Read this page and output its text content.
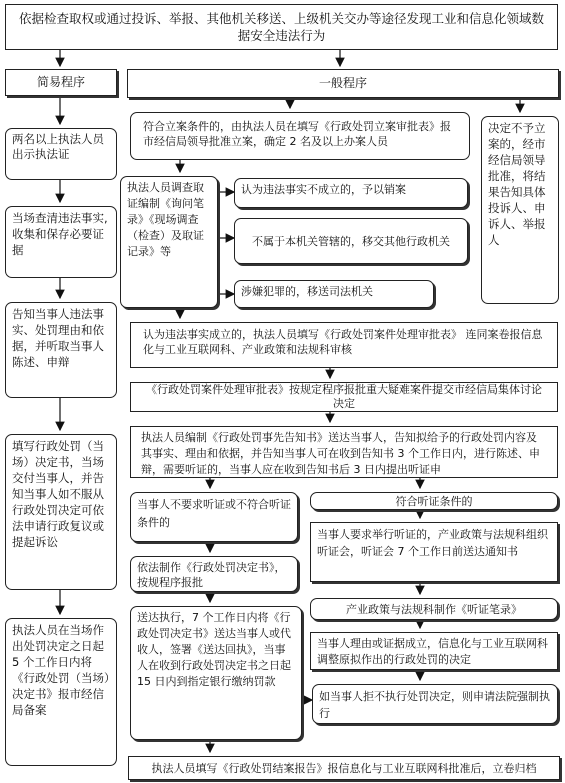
依据检查取权或通过投诉、举报、其他机关移送、上级机关交办等途径发现工业和信息化领域数据安全违法行为
简易程序	一般程序
两名以上执法人员出示执法证
当场查清违法事实,收集和保存必要证据
告知当事人违法事实、处罚理由和依据，并听取当事人陈述、申辩
填写行政处罚（当场）决定书，当场交付当事人，并告知当事人如不服从行政处罚决定可依法申请行政复议或提起诉讼
执法人员在当场作出处罚决定之日起 5 个工作日内将《行政处罚（当场）决定书》报市经信局备案
符合立案条件的，由执法人员在填写《行政处罚立案审批表》报市经信局领导批准立案，确定 2 名及以上办案人员
决定不予立案的，经市经信局领导批准，将结果告知具体投诉人、申诉人、举报人
执法人员调查取证编制《询问笔录》《现场调查（检查）及取证记录》等
认为违法事实不成立的，予以销案
不属于本机关管辖的，移交其他行政机关
涉嫌犯罪的，移送司法机关
认为违法事实成立的，执法人员填写《行政处罚案件处理审批表》 连同案卷报信息化与工业互联网科、产业政策和法规科审核
《行政处罚案件处理审批表》按规定程序报批重大疑难案件提交市经信局集体讨论决定
执法人员编制《行政处罚事先告知书》送达当事人，告知拟给予的行政处罚内容及其事实、理由和依据，并告知当事人可在收到告知书 3 个工作日内，进行陈述、申辩，需要听证的，当事人应在收到告知书后 3 日内提出听证申
当事人不要求听证或不符合听证条件的
符合听证条件的
当事人要求举行听证的，产业政策与法规科组织听证会，听证会 7 个工作日前送达通知书
依法制作《行政处罚决定书》，按规程序报批
产业政策与法规科制作《听证笔录》
当事人理由或证据成立，信息化与工业互联网科调整原拟作出的行政处罚的决定
送达执行，7 个工作日内将《行政处罚决定书》送达当事人或代收人，签署《送达回执》，当事人在收到行政处罚决定书之日起 15 日内到指定银行缴纳罚款
如当事人拒不执行处罚决定，则申请法院强制执行
执法人员填写《行政处罚结案报告》报信息化与工业互联网科批准后，立卷归档
